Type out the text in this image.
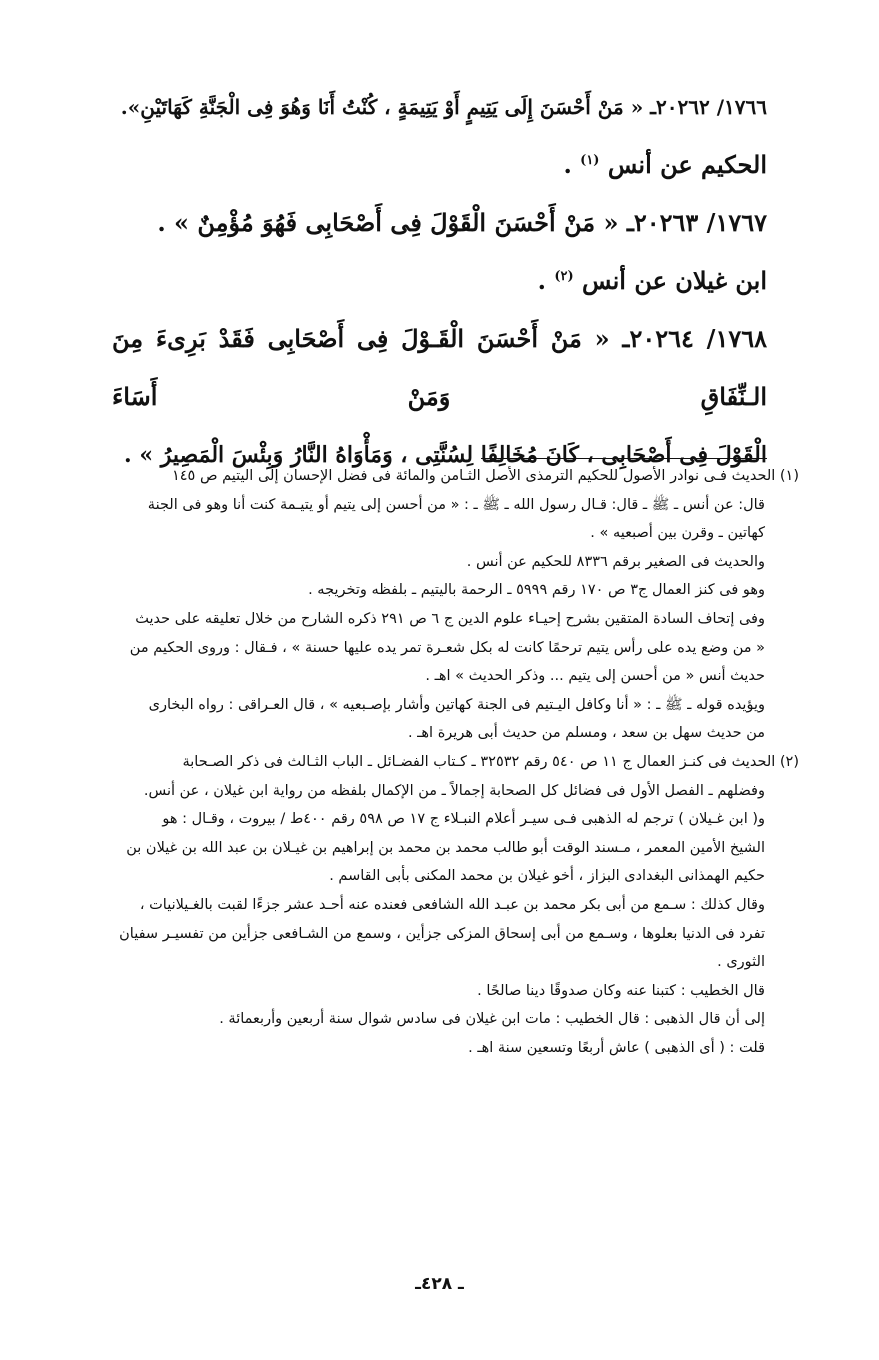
١٧٦٦/ ٢٠٢٦٢ـ « مَنْ أَحْسَنَ إِلَى يَتِيمٍ أَوْ يَتِيمَةٍ ، كُنْتُ أَنَا وَهُوَ فِى الْجَنَّةِ كَهَاتَيْنِ».
الحكيم عن أنس $^{(١)}$ .
١٧٦٧/ ٢٠٢٦٣ـ « مَنْ أَحْسَنَ الْقَوْلَ فِى أَصْحَابِى فَهُوَ مُؤْمِنٌ » .
ابن غيلان عن أنس $^{(٢)}$ .
١٧٦٨/ ٢٠٢٦٤ـ « مَنْ أَحْسَنَ الْقَـوْلَ فِى أَصْحَابِى فَقَدْ بَرِىءَ مِنَ الـنِّفَاقِ وَمَنْ أَسَاءَ
الْقَوْلَ فِى أَصْحَابِى ، كَانَ مُخَالِفًا لِسُنَّتِى ، وَمَأْوَاهُ النَّارُ وَبِئْسَ الْمَصِيرُ » .
(١) الحديث فـى نوادر الأصول للحكيم الترمذى الأصل الثـامن والمائة فى فضل الإحسان إلى اليتيم ص ١٤٥
قال: عن أنس ـ ﷺ ـ قال: قـال رسول الله ـ ﷺ ـ : « من أحسن إلى يتيم أو يتيـمة كنت أنا وهو فى الجنة
كهاتين ـ وقرن بين أصبعيه » .
والحديث فى الصغير برقم ٨٣٣٦ للحكيم عن أنس .
وهو فى كنز العمال ج٣ ص ١٧٠ رقم ٥٩٩٩ ـ الرحمة باليتيم ـ بلفظه وتخريجه .
وفى إتحاف السادة المتقين بشرح إحيـاء علوم الدين ج ٦ ص ٢٩١ ذكره الشارح من خلال تعليقه على حديث
« من وضع يده على رأس يتيم ترحمًا كانت له بكل شعـرة تمر يده عليها حسنة » ، فـقال : وروى الحكيم من
حديث أنس « من أحسن إلى يتيم ... وذكر الحديث » اهـ .
ويؤيده قوله ـ ﷺ ـ : « أنا وكافل اليـتيم فى الجنة كهاتين وأشار بإصـبعيه » ، قال العـراقى : رواه البخارى
من حديث سهل بن سعد ، ومسلم من حديث أبى هريرة اهـ .
(٢) الحديث فى كنـز العمال ج ١١ ص ٥٤٠ رقم ٣٢٥٣٢ ـ كـتاب الفضـائل ـ الباب الثـالث فى ذكر الصـحابة
وفضلهم ـ الفصل الأول فى فضائل كل الصحابة إجمالاً ـ من الإكمال بلفظه من رواية ابن غيلان ، عن أنس.
و( ابن غـيلان ) ترجم له الذهبى فـى سيـر أعلام النبـلاء ج ١٧ ص ٥٩٨ رقم ٤٠٠ط / بيروت ، وقـال : هو
الشيخ الأمين المعمر ، مـسند الوقت أبو طالب محمد بن محمد بن إبراهيم بن غيـلان بن عبد الله بن غيلان بن
حكيم الهمذانى البغدادى البزاز ، أخو غيلان بن محمد المكنى بأبى القاسم .
وقال كذلك : سـمع من أبى بكر محمد بن عبـد الله الشافعى فعنده عنه أحـد عشر جزءًا لقبت بالغـيلانيات ،
تفرد فى الدنيا بعلوها ، وسـمع من أبى إسحاق المزكى جزأين ، وسمع من الشـافعى جزأين من تفسيـر سفيان
الثورى .
قال الخطيب : كتبنا عنه وكان صدوقًا دينا صالحًا .
إلى أن قال الذهبى : قال الخطيب : مات ابن غيلان فى سادس شوال سنة أربعين وأربعمائة .
قلت : ( أى الذهبى ) عاش أربعًا وتسعين سنة اهـ .
ـ ٤٢٨ـ
